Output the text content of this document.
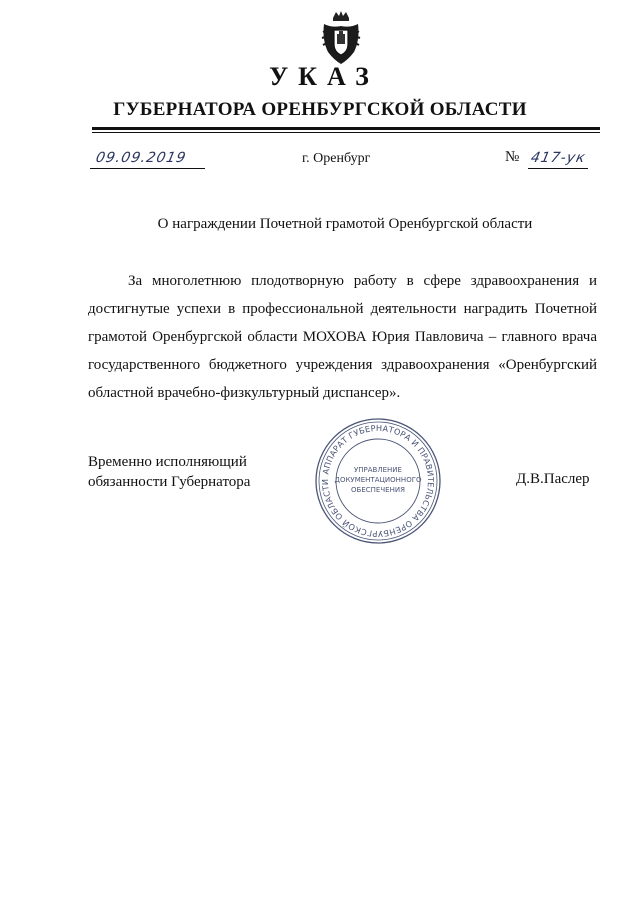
УКАЗ
ГУБЕРНАТОРА ОРЕНБУРГСКОЙ ОБЛАСТИ
09.09.2019	г. Оренбург	№ 417-ук
О награждении Почетной грамотой Оренбургской области

За многолетнюю плодотворную работу в сфере здравоохранения и достигнутые успехи в профессиональной деятельности наградить Почетной грамотой Оренбургской области МОХОВА Юрия Павловича – главного врача государственного бюджетного учреждения здравоохранения «Оренбургский областной врачебно-физкультурный диспансер».

Временно исполняющий
обязанности Губернатора	Д.В.Паслер
АППАРАТ ГУБЕРНАТОРА И ПРАВИТЕЛЬСТВА ОРЕНБУРГСКОЙ ОБЛАСТИ
УПРАВЛЕНИЕ
ДОКУМЕНТАЦИОННОГО
ОБЕСПЕЧЕНИЯ
